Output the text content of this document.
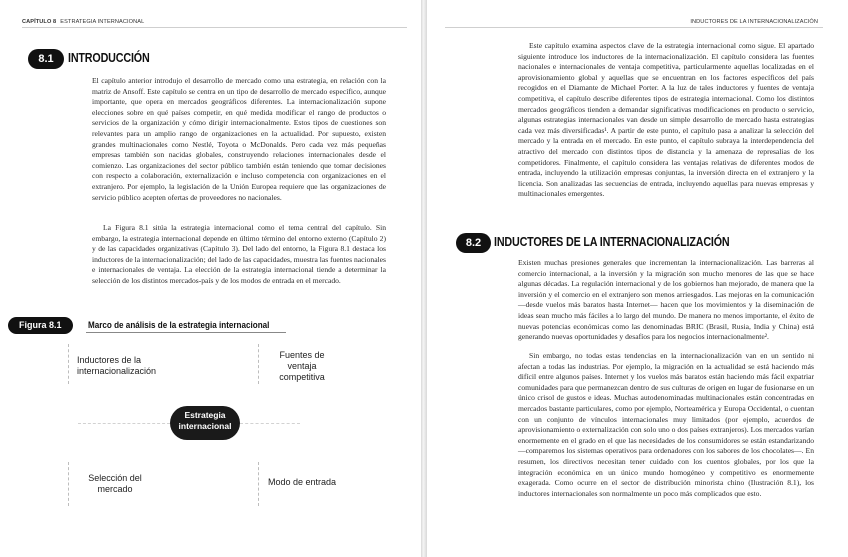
CAPÍTULO 8 ESTRATEGIA INTERNACIONAL
8.1	INTRODUCCIÓN

El capítulo anterior introdujo el desarrollo de mercado como una estrategia, en relación con la matriz de Ansoff. Este capítulo se centra en un tipo de desarrollo de mercado específico, aunque importante, que opera en mercados geográficos diferentes. La internacionalización supone elecciones sobre en qué países competir, en qué medida modificar el rango de productos o servicios de la organización y cómo dirigir internacionalmente. Estos tipos de cuestiones son relevantes para un amplio rango de organizaciones en la actualidad. Por supuesto, existen grandes multinacionales como Nestlé, Toyota o McDonalds. Pero cada vez más pequeñas empresas también son nacidas globales, construyendo relaciones internacionales desde el comienzo. Las organizaciones del sector público también están teniendo que tomar decisiones con respecto a colaboración, externalización e incluso competencia con organizaciones en el extranjero. Por ejemplo, la legislación de la Unión Europea requiere que las organizaciones de servicio público acepten ofertas de proveedores no nacionales.

La Figura 8.1 sitúa la estrategia internacional como el tema central del capítulo. Sin embargo, la estrategia internacional depende en último término del entorno externo (Capítulo 2) y de las capacidades organizativas (Capítulo 3). Del lado del entorno, la Figura 8.1 destaca los inductores de la internacionalización; del lado de las capacidades, muestra las fuentes nacionales e internacionales de ventaja. La elección de la estrategia internacional tiende a determinar la selección de los distintos mercados-país y de los modos de entrada en el mercado.

Figura 8.1	Marco de análisis de la estrategia internacional
Inductores de la internacionalización
Fuentes de ventaja competitiva
Estrategia internacional
Selección del mercado
Modo de entrada
INDUCTORES DE LA INTERNACIONALIZACIÓN

Este capítulo examina aspectos clave de la estrategia internacional como sigue. El apartado siguiente introduce los inductores de la internacionalización. El capítulo considera las fuentes nacionales e internacionales de ventaja competitiva, particularmente aquellas localizadas en el aprovisionamiento global y aquellas que se encuentran en los factores específicos del país recogidos en el Diamante de Michael Porter. A la luz de tales inductores y fuentes de ventaja competitiva, el capítulo describe diferentes tipos de estrategia internacional. Como los distintos mercados geográficos tienden a demandar significativas modificaciones en producto o servicio, algunas estrategias internacionales van desde un simple desarrollo de mercado hasta estrategias cada vez más diversificadas¹. A partir de este punto, el capítulo pasa a analizar la selección del mercado y la entrada en el mercado. En este punto, el capítulo subraya la interdependencia del atractivo del mercado con distintos tipos de distancia y la amenaza de represalias de los competidores. Finalmente, el capítulo considera las ventajas relativas de diferentes modos de entrada, incluyendo la utilización empresas conjuntas, la inversión directa en el extranjero y la licencia. Son analizadas las secuencias de entrada, incluyendo aquellas para nuevas empresas y multinacionales emergentes.

8.2	INDUCTORES DE LA INTERNACIONALIZACIÓN

Existen muchas presiones generales que incrementan la internacionalización. Las barreras al comercio internacional, a la inversión y la migración son mucho menores de las que se hace algunas décadas. La regulación internacional y de los gobiernos han mejorado, de manera que la inversión y el comercio en el extranjero son menos arriesgados. Las mejoras en la comunicación —desde vuelos más baratos hasta Internet— hacen que los movimientos y la diseminación de ideas sean mucho más fáciles a lo largo del mundo. De manera no menos importante, el éxito de nuevas potencias económicas como las denominadas BRIC (Brasil, Rusia, India y China) está generando nuevas oportunidades y desafíos para los negocios internacionalmente².

Sin embargo, no todas estas tendencias en la internacionalización van en un sentido ni afectan a todas las industrias. Por ejemplo, la migración en la actualidad se está haciendo más difícil entre algunos países. Internet y los vuelos más baratos están haciendo más fácil expatriar comunidades para que permanezcan dentro de sus culturas de origen en lugar de fusionarse en un único crisol de gustos e ideas. Muchas autodenominadas multinacionales están concentradas en mercados bastante particulares, como por ejemplo, Norteamérica y Europa Occidental, o cuentan con un conjunto de vínculos internacionales muy limitados (por ejemplo, acuerdos de aprovisionamiento o externalización con solo uno o dos países extranjeros). Los mercados varían enormemente en el grado en el que las necesidades de los consumidores se están estandarizando —comparemos los sistemas operativos para ordenadores con los sabores de los chocolates—. En resumen, los directivos necesitan tener cuidado con los cuentos globales, por los que la integración económica en un único mundo homogéneo y competitivo es enormemente exagerada. Como ocurre en el sector de distribución minorista chino (Ilustración 8.1), los inductores internacionales son normalmente un poco más complicados que esto.
